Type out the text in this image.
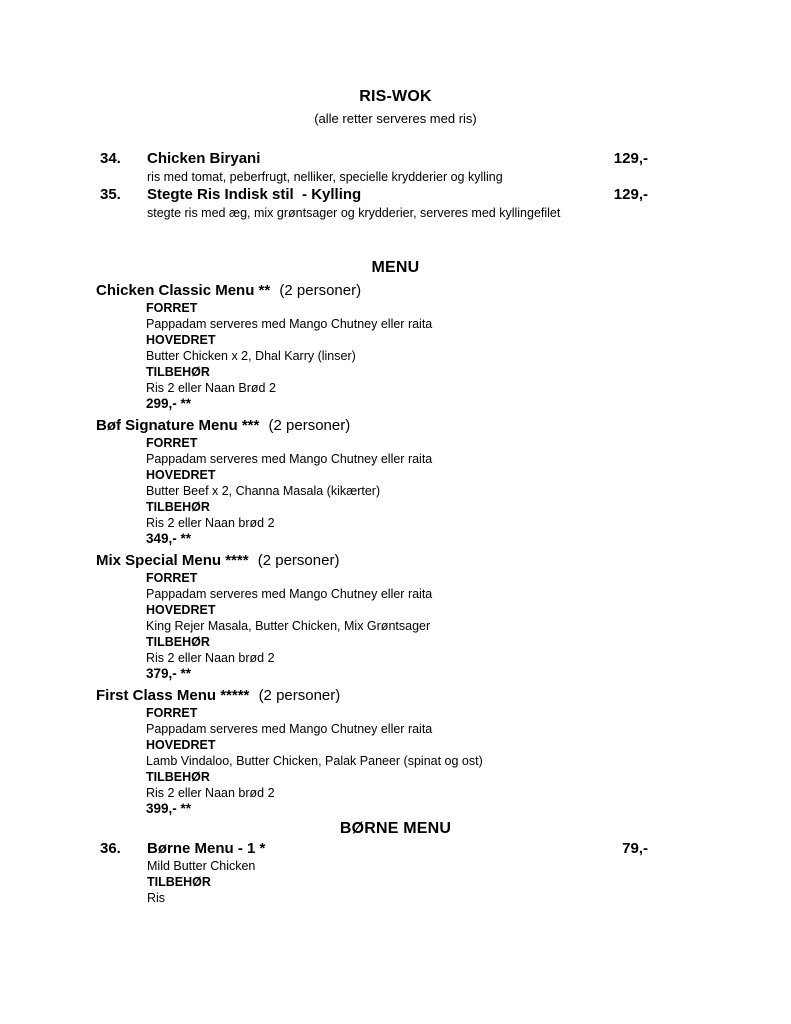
RIS-WOK
(alle retter serveres med ris)
34.	Chicken Biryani	129,-
ris med tomat, peberfrugt, nelliker, specielle krydderier og kylling
35.	Stegte Ris Indisk stil  - Kylling	129,-
stegte ris med æg, mix grøntsager og krydderier, serveres med kyllingefilet
MENU
Chicken Classic Menu ** (2 personer)
FORRET
Pappadam serveres med Mango Chutney eller raita
HOVEDRET
Butter Chicken x 2, Dhal Karry (linser)
TILBEHØR
Ris 2 eller Naan Brød 2
299,- **
Bøf Signature Menu *** (2 personer)
FORRET
Pappadam serveres med Mango Chutney eller raita
HOVEDRET
Butter Beef x 2, Channa Masala (kikærter)
TILBEHØR
Ris 2 eller Naan brød 2
349,- **
Mix Special Menu **** (2 personer)
FORRET
Pappadam serveres med Mango Chutney eller raita
HOVEDRET
King Rejer Masala, Butter Chicken, Mix Grøntsager
TILBEHØR
Ris 2 eller Naan brød 2
379,- **
First Class Menu ***** (2 personer)
FORRET
Pappadam serveres med Mango Chutney eller raita
HOVEDRET
Lamb Vindaloo, Butter Chicken, Palak Paneer (spinat og ost)
TILBEHØR
Ris 2 eller Naan brød 2
399,- **
BØRNE MENU
36.	Børne Menu - 1 *	79,-
Mild Butter Chicken
TILBEHØR
Ris
